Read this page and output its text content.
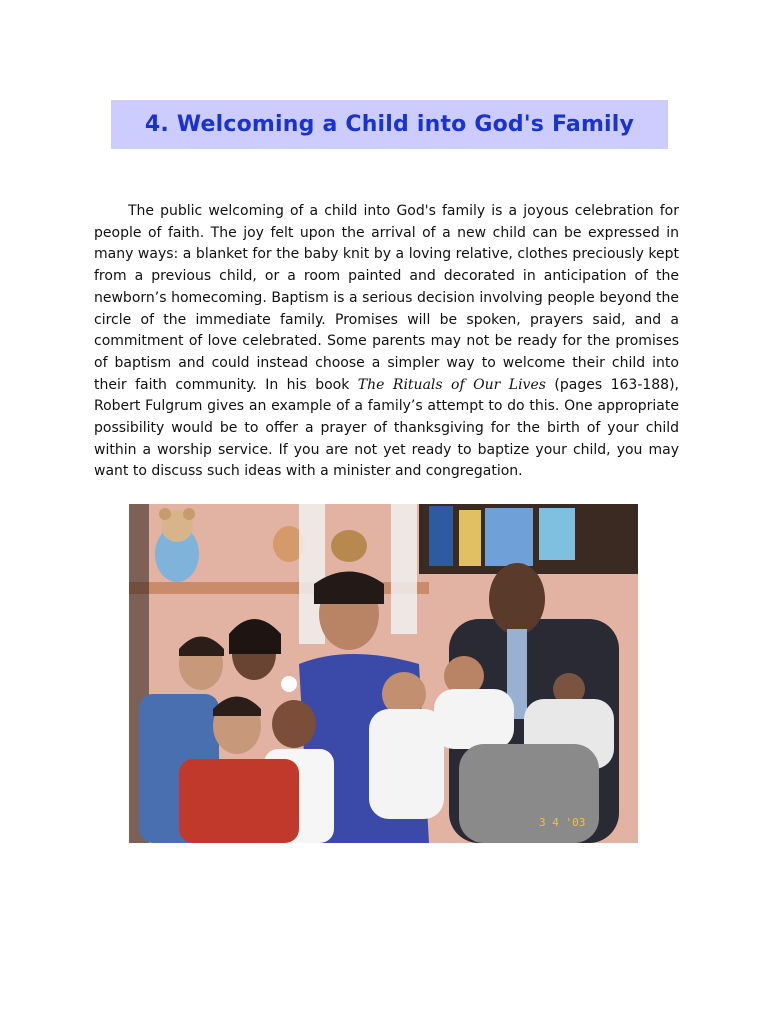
4. Welcoming a Child into God's Family

The public welcoming of a child into God's family is a joyous celebration for people of faith. The joy felt upon the arrival of a new child can be expressed in many ways: a blanket for the baby knit by a loving relative, clothes preciously kept from a previous child, or a room painted and decorated in anticipation of the newborn’s homecoming. Baptism is a serious decision involving people beyond the circle of the immediate family. Promises will be spoken, prayers said, and a commitment of love celebrated. Some parents may not be ready for the promises of baptism and could instead choose a simpler way to welcome their child into their faith community. In his book The Rituals of Our Lives (pages 163-188), Robert Fulgrum gives an example of a family’s attempt to do this. One appropriate possibility would be to offer a prayer of thanksgiving for the birth of your child within a worship service. If you are not yet ready to baptize your child, you may want to discuss such ideas with a minister and congregation.

3 4 '03
